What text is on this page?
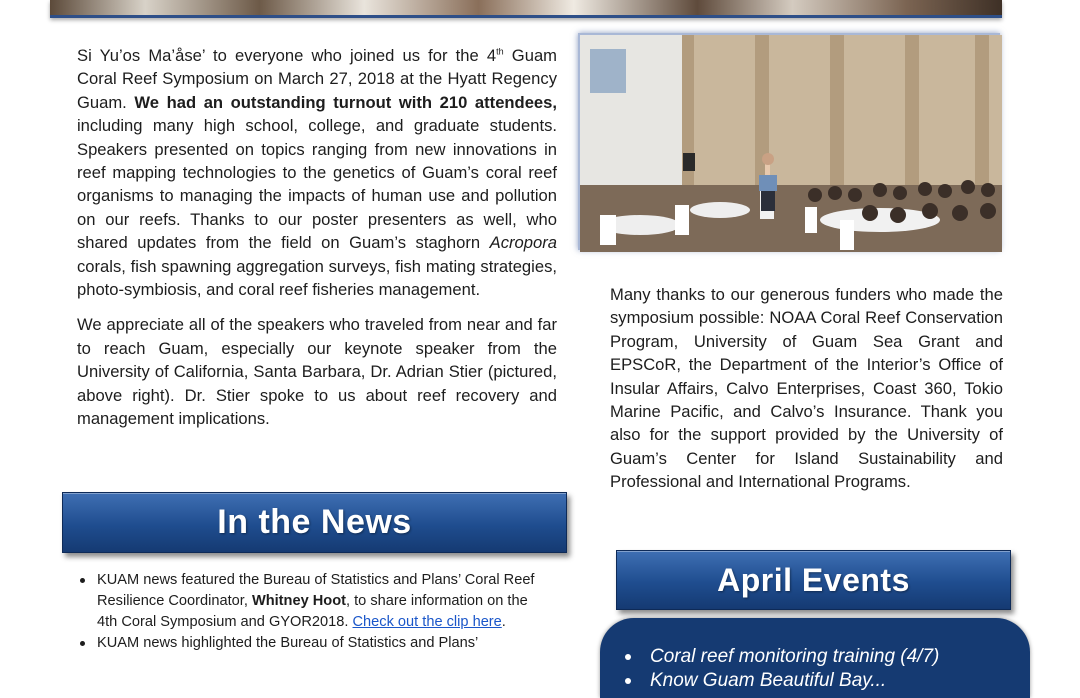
Si Yu’os Ma’åse’ to everyone who joined us for the 4th Guam Coral Reef Symposium on March 27, 2018 at the Hyatt Regency Guam. We had an outstanding turnout with 210 attendees, including many high school, college, and graduate students. Speakers presented on topics ranging from new innovations in reef mapping technologies to the genetics of Guam’s coral reef organisms to managing the impacts of human use and pollution on our reefs. Thanks to our poster presenters as well, who shared updates from the field on Guam’s staghorn Acropora corals, fish spawning aggregation surveys, fish mating strategies, photo-symbiosis, and coral reef fisheries management.

We appreciate all of the speakers who traveled from near and far to reach Guam, especially our keynote speaker from the University of California, Santa Barbara, Dr. Adrian Stier (pictured, above right). Dr. Stier spoke to us about reef recovery and management implications.

Many thanks to our generous funders who made the symposium possible: NOAA Coral Reef Conservation Program, University of Guam Sea Grant and EPSCoR, the Department of the Interior’s Office of Insular Affairs, Calvo Enterprises, Coast 360, Tokio Marine Pacific, and Calvo’s Insurance. Thank you also for the support provided by the University of Guam’s Center for Island Sustainability and Professional and International Programs.

In the News
KUAM news featured the Bureau of Statistics and Plans’ Coral Reef Resilience Coordinator, Whitney Hoot, to share information on the 4th Coral Symposium and GYOR2018. Check out the clip here.
KUAM news highlighted the Bureau of Statistics and Plans’
April Events
Coral reef monitoring training (4/7)
Know Guam Beautiful Bay...
